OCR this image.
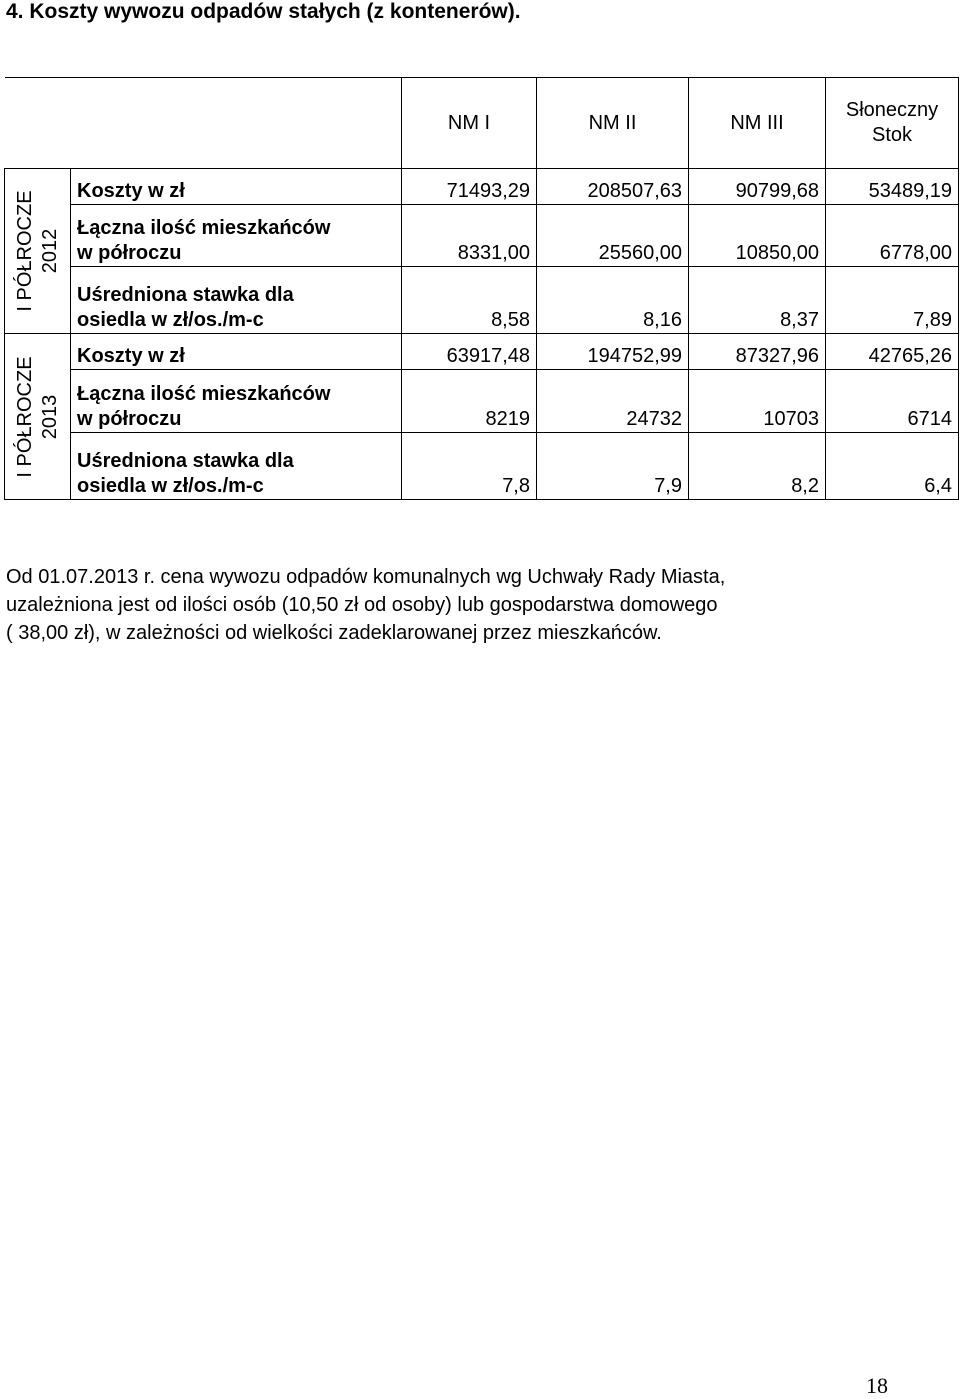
4. Koszty wywozu odpadów stałych (z kontenerów).
		NM I	NM II	NM III	Słoneczny Stok

I PÓŁROCZE 2012	Koszty w zł	71493,29	208507,63	90799,68	53489,19

	Łączna ilość mieszkańców
w półroczu	8331,00	25560,00	10850,00	6778,00

	Uśredniona stawka dla
osiedla w zł/os./m-c	8,58	8,16	8,37	7,89

I PÓŁROCZE 2013	Koszty w zł	63917,48	194752,99	87327,96	42765,26

	Łączna ilość mieszkańców
w półroczu	8219	24732	10703	6714

	Uśredniona stawka dla
osiedla w zł/os./m-c	7,8	7,9	8,2	6,4
Od 01.07.2013 r. cena wywozu odpadów komunalnych wg Uchwały Rady Miasta,
uzależniona jest od ilości osób (10,50 zł od osoby) lub gospodarstwa domowego
( 38,00 zł), w zależności od wielkości zadeklarowanej przez mieszkańców.
18
